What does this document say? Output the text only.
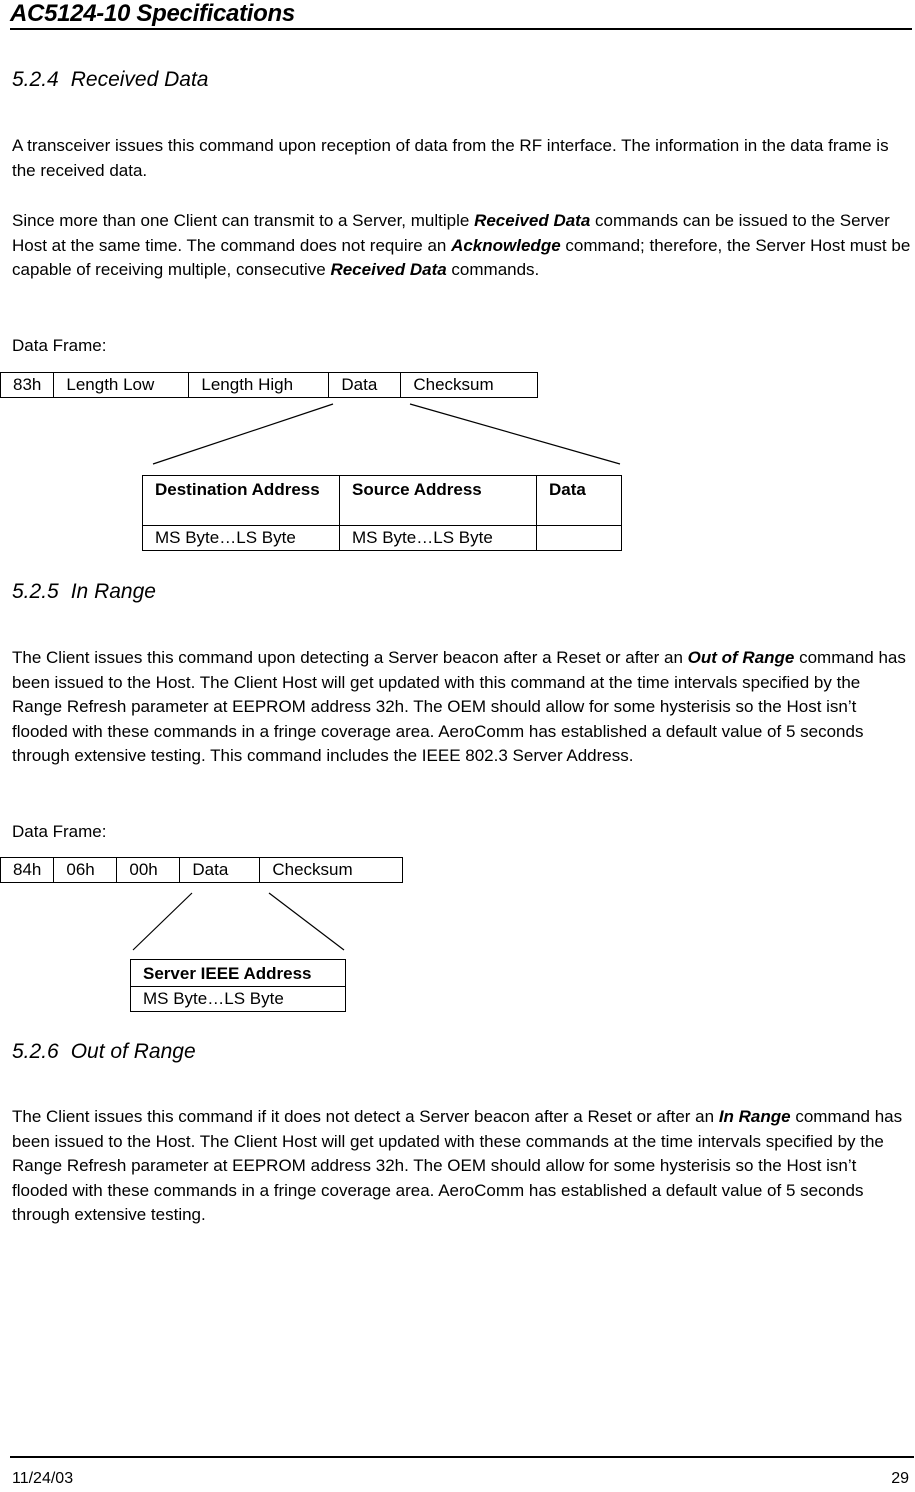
AC5124-10 Specifications
5.2.4 Received Data
A transceiver issues this command upon reception of data from the RF interface. The information in the data frame is the received data.
Since more than one Client can transmit to a Server, multiple Received Data commands can be issued to the Server Host at the same time. The command does not require an Acknowledge command; therefore, the Server Host must be capable of receiving multiple, consecutive Received Data commands.
Data Frame:
83h	Length Low	Length High	Data	Checksum
Destination Address	Source Address	Data
MS Byte…LS Byte	MS Byte…LS Byte	
5.2.5 In Range
The Client issues this command upon detecting a Server beacon after a Reset or after an Out of Range command has been issued to the Host. The Client Host will get updated with this command at the time intervals specified by the Range Refresh parameter at EEPROM address 32h. The OEM should allow for some hysterisis so the Host isn’t flooded with these commands in a fringe coverage area. AeroComm has established a default value of 5 seconds through extensive testing. This command includes the IEEE 802.3 Server Address.
Data Frame:
84h	06h	00h	Data	Checksum
Server IEEE Address
MS Byte…LS Byte
5.2.6 Out of Range
The Client issues this command if it does not detect a Server beacon after a Reset or after an In Range command has been issued to the Host. The Client Host will get updated with these commands at the time intervals specified by the Range Refresh parameter at EEPROM address 32h. The OEM should allow for some hysterisis so the Host isn’t flooded with these commands in a fringe coverage area. AeroComm has established a default value of 5 seconds through extensive testing.
11/24/03	29
